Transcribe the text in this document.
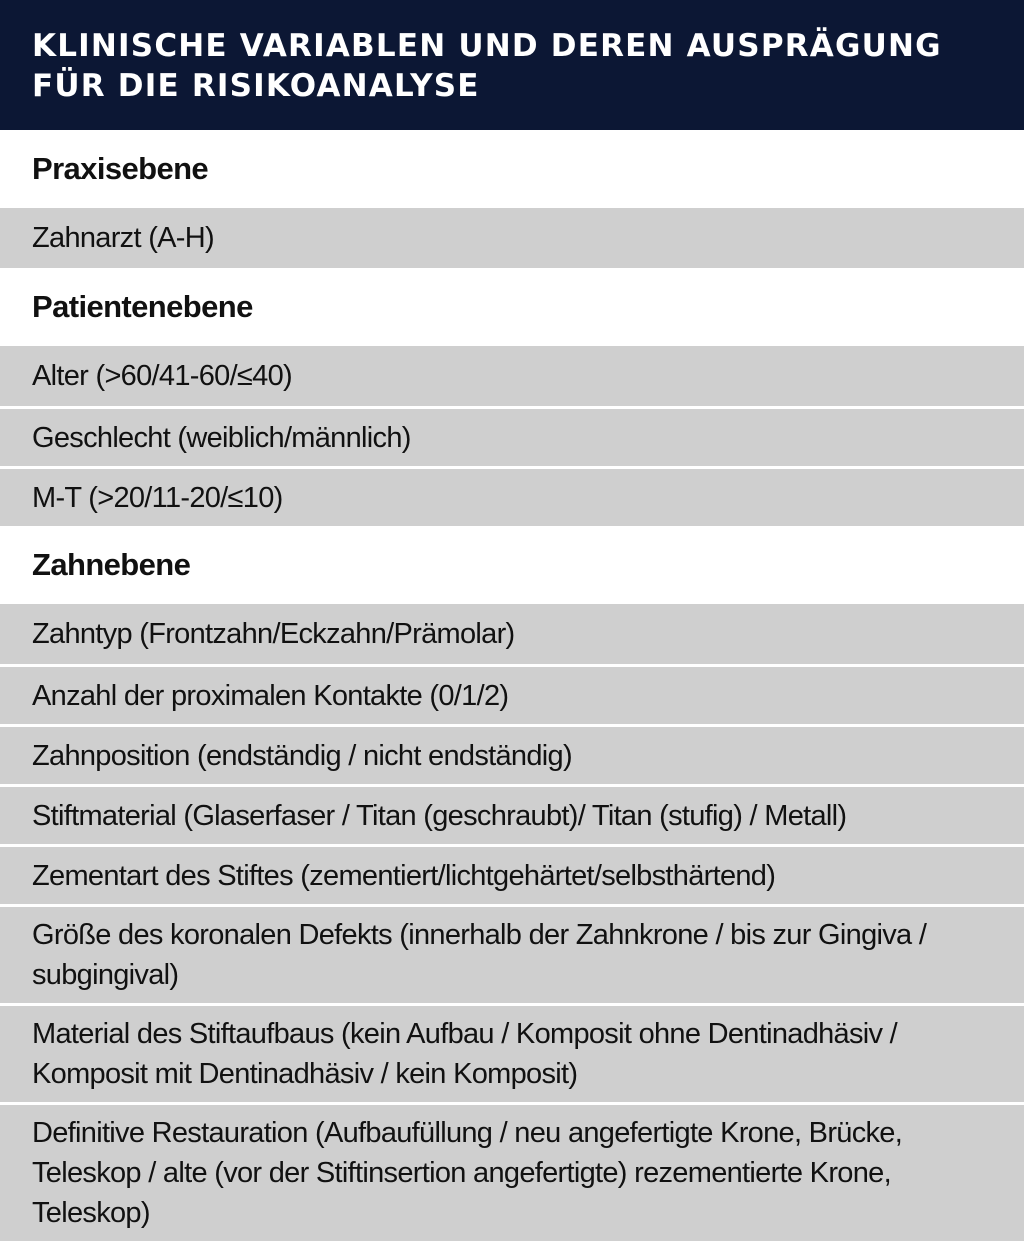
KLINISCHE VARIABLEN UND DEREN AUSPRÄGUNG FÜR DIE RISIKOANALYSE
Praxisebene
Zahnarzt (A-H)
Patientenebene
Alter (>60/41-60/≤40)
Geschlecht (weiblich/männlich)
M-T (>20/11-20/≤10)
Zahnebene
Zahntyp (Frontzahn/Eckzahn/Prämolar)
Anzahl der proximalen Kontakte (0/1/2)
Zahnposition (endständig / nicht endständig)
Stiftmaterial (Glaserfaser / Titan (geschraubt)/ Titan (stufig) / Metall)
Zementart des Stiftes (zementiert/lichtgehärtet/selbsthärtend)
Größe des koronalen Defekts (innerhalb der Zahnkrone / bis zur Gingiva / subgingival)
Material des Stiftaufbaus (kein Aufbau / Komposit ohne Dentinadhäsiv / Komposit mit Dentinadhäsiv / kein Komposit)
Definitive Restauration (Aufbaufüllung / neu angefertigte Krone, Brücke, Teleskop / alte (vor der Stiftinsertion angefertigte) rezementierte Krone, Teleskop)
